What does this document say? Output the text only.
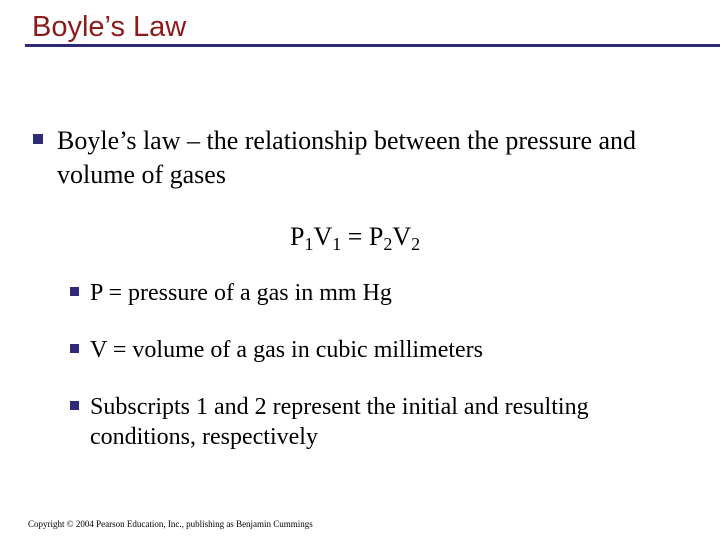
Boyle’s Law
Boyle’s law – the relationship between the pressure and volume of gases
$P_1V_1 = P_2V_2$
P = pressure of a gas in mm Hg
V = volume of a gas in cubic millimeters
Subscripts 1 and 2 represent the initial and resulting conditions, respectively
Copyright © 2004 Pearson Education, Inc., publishing as Benjamin Cummings
